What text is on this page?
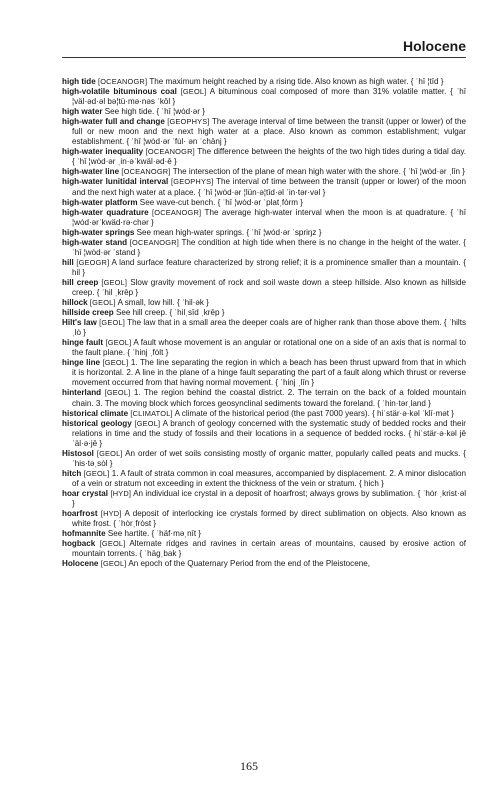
Holocene

high tide [OCEANOGR] The maximum height reached by a rising tide. Also known as high water. { ˈhī ¦tīd }

high-volatile bituminous coal [GEOL] A bituminous coal composed of more than 31% volatile matter. { ˈhī ¦väl·əd·əl bə¦tü·mə·nəs ˈkōl }

high water See high tide. { ˈhī ¦wȯd·ər }

high-water full and change [GEOPHYS] The average interval of time between the transit (upper or lower) of the full or new moon and the next high water at a place. Also known as common establishment; vulgar establishment. { ˈhī ¦wȯd·ər ˈfu̇l· ən ˈchānj }

high-water inequality [OCEANOGR] The difference between the heights of the two high tides during a tidal day. { ˈhī ¦wȯd·ər ˌin·əˈkwäl·əd·ē }

high-water line [OCEANOGR] The intersection of the plane of mean high water with the shore. { ˈhī ¦wȯd·ər ˌlīn }

high-water lunitidal interval [GEOPHYS] The interval of time between the transit (upper or lower) of the moon and the next high water at a place. { ˈhī ¦wȯd·ər ¦lün·ə¦tīd·əl ˈin·tər·vəl }

high-water platform See wave-cut bench. { ˈhī ¦wȯd·ər ˈplatˌfȯrm }

high-water quadrature [OCEANOGR] The average high-water interval when the moon is at quadrature. { ˈhī ¦wȯd·ərˈkwäd·rə·chər }

high-water springs See mean high-water springs. { ˈhī ¦wȯd·ər ˈspriŋz }

high-water stand [OCEANOGR] The condition at high tide when there is no change in the height of the water. { ˈhī ¦wȯd·ər ˈstand }

hill [GEOGR] A land surface feature characterized by strong relief; it is a prominence smaller than a mountain. { hil }

hill creep [GEOL] Slow gravity movement of rock and soil waste down a steep hillside. Also known as hillside creep. { ˈhil ˌkrēp }

hillock [GEOL] A small, low hill. { ˈhil·ək }

hillside creep See hill creep. { ˈhilˌsīd ˌkrēp }

Hilt's law [GEOL] The law that in a small area the deeper coals are of higher rank than those above them. { ˈhilts ˌlȯ }

hinge fault [GEOL] A fault whose movement is an angular or rotational one on a side of an axis that is normal to the fault plane. { ˈhinj ˌfȯlt }

hinge line [GEOL] 1. The line separating the region in which a beach has been thrust upward from that in which it is horizontal. 2. A line in the plane of a hinge fault separating the part of a fault along which thrust or reverse movement occurred from that having normal movement. { ˈhinj ˌlīn }

hinterland [GEOL] 1. The region behind the coastal district. 2. The terrain on the back of a folded mountain chain. 3. The moving block which forces geosynclinal sediments toward the foreland. { ˈhin·tərˌland }

historical climate [CLIMATOL] A climate of the historical period (the past 7000 years). { hiˈstär·ə·kəl ˈklī·mət }

historical geology [GEOL] A branch of geology concerned with the systematic study of bedded rocks and their relations in time and the study of fossils and their locations in a sequence of bedded rocks. { hiˈstär·ə·kəl jēˈäl·ə·jē }

Histosol [GEOL] An order of wet soils consisting mostly of organic matter, popularly called peats and mucks. { ˈhis·təˌsȯl }

hitch [GEOL] 1. A fault of strata common in coal measures, accompanied by displacement. 2. A minor dislocation of a vein or stratum not exceeding in extent the thickness of the vein or stratum. { hich }

hoar crystal [HYD] An individual ice crystal in a deposit of hoarfrost; always grows by sublimation. { ˈhȯr ˌkrist·əl }

hoarfrost [HYD] A deposit of interlocking ice crystals formed by direct sublimation on objects. Also known as white frost. { ˈhȯrˌfrȯst }

hofmannite See hartite. { ˈhäf·məˌnīt }

hogback [GEOL] Alternate ridges and ravines in certain areas of mountains, caused by erosive action of mountain torrents. { ˈhägˌbak }

Holocene [GEOL] An epoch of the Quaternary Period from the end of the Pleistocene,

165
